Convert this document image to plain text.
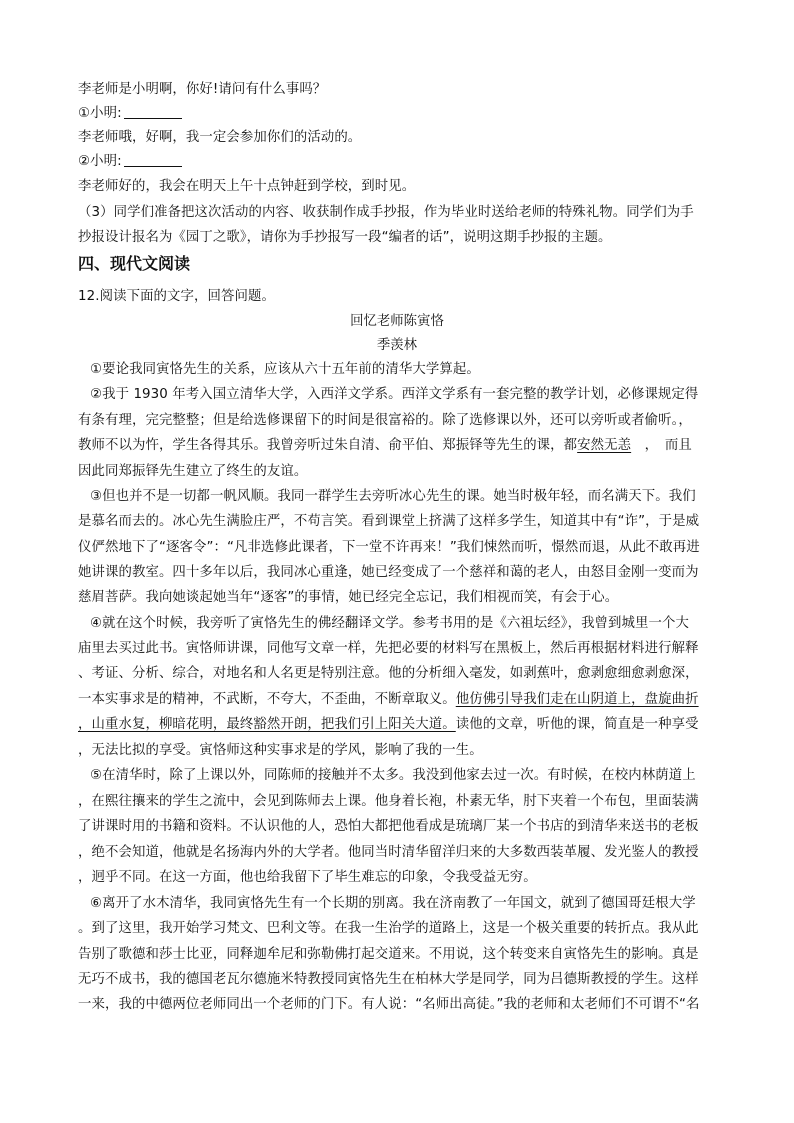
李老师是小明啊，你好!请问有什么事吗？
①小明:
李老师哦，好啊，我一定会参加你们的活动的。
②小明:
李老师好的，我会在明天上午十点钟赶到学校，到时见。
（3）同学们准备把这次活动的内容、收获制作成手抄报，作为毕业时送给老师的特殊礼物。同学们为手
抄报设计报名为《园丁之歌》，请你为手抄报写一段“编者的话”，说明这期手抄报的主题。
四、现代文阅读
12.阅读下面的文字，回答问题。
回忆老师陈寅恪
季羡林
①要论我同寅恪先生的关系，应该从六十五年前的清华大学算起。
②我于 1930 年考入国立清华大学，入西洋文学系。西洋文学系有一套完整的教学计划，必修课规定得
有条有理，完完整整；但是给选修课留下的时间是很富裕的。除了选修课以外，还可以旁听或者偷听。，
教师不以为忤，学生各得其乐。我曾旁听过朱自清、俞平伯、郑振铎等先生的课，都安然无恙　，　而且
因此同郑振铎先生建立了终生的友谊。
③但也并不是一切都一帆风顺。我同一群学生去旁听冰心先生的课。她当时极年轻，而名满天下。我们
是慕名而去的。冰心先生满脸庄严，不苟言笑。看到课堂上挤满了这样多学生，知道其中有“诈”，于是威
仪俨然地下了“逐客令”：“凡非选修此课者，下一堂不许再来！”我们悚然而听，憬然而退，从此不敢再进
她讲课的教室。四十多年以后，我同冰心重逢，她已经变成了一个慈祥和蔼的老人，由怒目金刚一变而为
慈眉菩萨。我向她谈起她当年“逐客”的事情，她已经完全忘记，我们相视而笑，有会于心。
④就在这个时候，我旁听了寅恪先生的佛经翻译文学。参考书用的是《六祖坛经》，我曾到城里一个大
庙里去买过此书。寅恪师讲课，同他写文章一样，先把必要的材料写在黑板上，然后再根据材料进行解释
、考证、分析、综合，对地名和人名更是特别注意。他的分析细入毫发，如剥蕉叶，愈剥愈细愈剥愈深，
一本实事求是的精神，不武断，不夸大，不歪曲，不断章取义。他仿佛引导我们走在山阴道上，盘旋曲折
，山重水复，柳暗花明，最终豁然开朗，把我们引上阳关大道。读他的文章，听他的课，简直是一种享受
，无法比拟的享受。寅恪师这种实事求是的学风，影响了我的一生。
⑤在清华时，除了上课以外，同陈师的接触并不太多。我没到他家去过一次。有时候，在校内林荫道上
，在熙往攘来的学生之流中，会见到陈师去上课。他身着长袍，朴素无华，肘下夹着一个布包，里面装满
了讲课时用的书籍和资料。不认识他的人，恐怕大都把他看成是琉璃厂某一个书店的到清华来送书的老板
，绝不会知道，他就是名扬海内外的大学者。他同当时清华留洋归来的大多数西装革履、发光鉴人的教授
，迥乎不同。在这一方面，他也给我留下了毕生难忘的印象，令我受益无穷。
⑥离开了水木清华，我同寅恪先生有一个长期的别离。我在济南教了一年国文，就到了德国哥廷根大学
。到了这里，我开始学习梵文、巴利文等。在我一生治学的道路上，这是一个极关重要的转折点。我从此
告别了歌德和莎士比亚，同释迦牟尼和弥勒佛打起交道来。不用说，这个转变来自寅恪先生的影响。真是
无巧不成书，我的德国老瓦尔德施米特教授同寅恪先生在柏林大学是同学，同为吕德斯教授的学生。这样
一来，我的中德两位老师同出一个老师的门下。有人说：“名师出高徒。”我的老师和太老师们不可谓不“名
